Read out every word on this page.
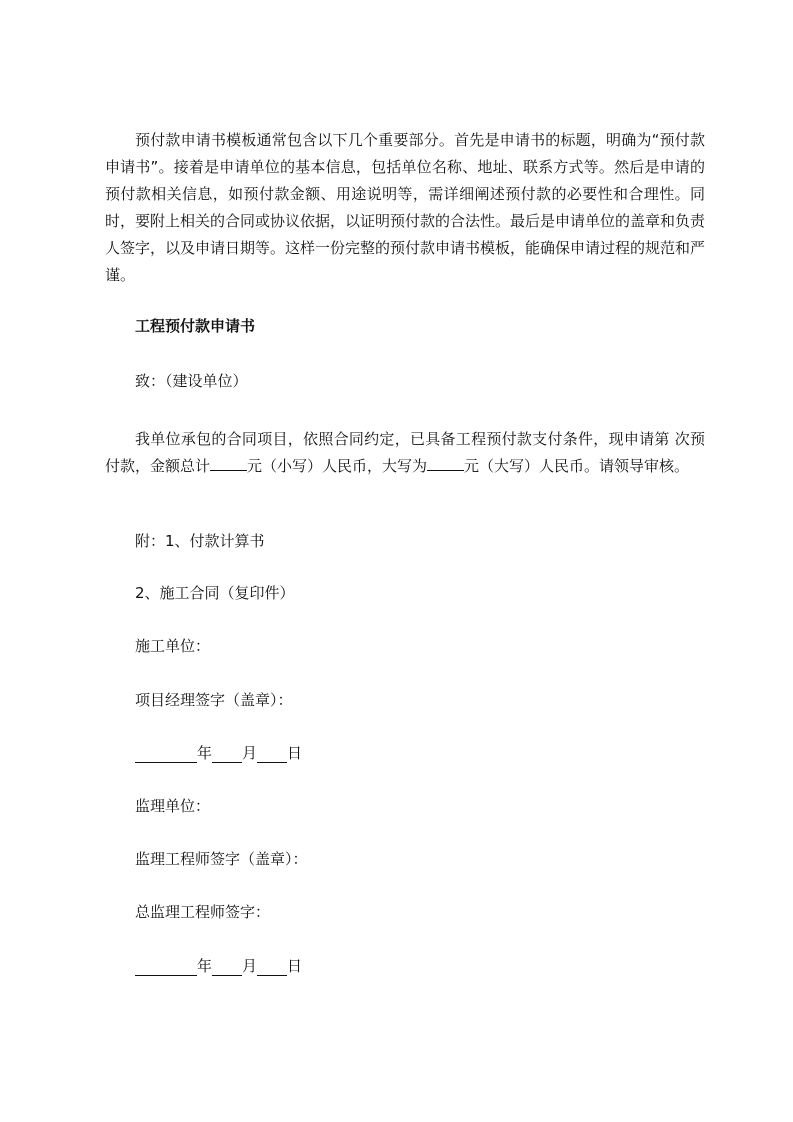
预付款申请书模板通常包含以下几个重要部分。首先是申请书的标题，明确为“预付款申请书”。接着是申请单位的基本信息，包括单位名称、地址、联系方式等。然后是申请的预付款相关信息，如预付款金额、用途说明等，需详细阐述预付款的必要性和合理性。同时，要附上相关的合同或协议依据，以证明预付款的合法性。最后是申请单位的盖章和负责人签字，以及申请日期等。这样一份完整的预付款申请书模板，能确保申请过程的规范和严谨。

工程预付款申请书

致：（建设单位）

我单位承包的合同项目，依照合同约定，已具备工程预付款支付条件，现申请第 次预付款，金额总计 元（小写）人民币，大写为 元（大写）人民币。请领导审核。

附：1、付款计算书

2、施工合同（复印件）

施工单位：

项目经理签字（盖章）：

年 月 日

监理单位：

监理工程师签字（盖章）：

总监理工程师签字：

年 月 日
